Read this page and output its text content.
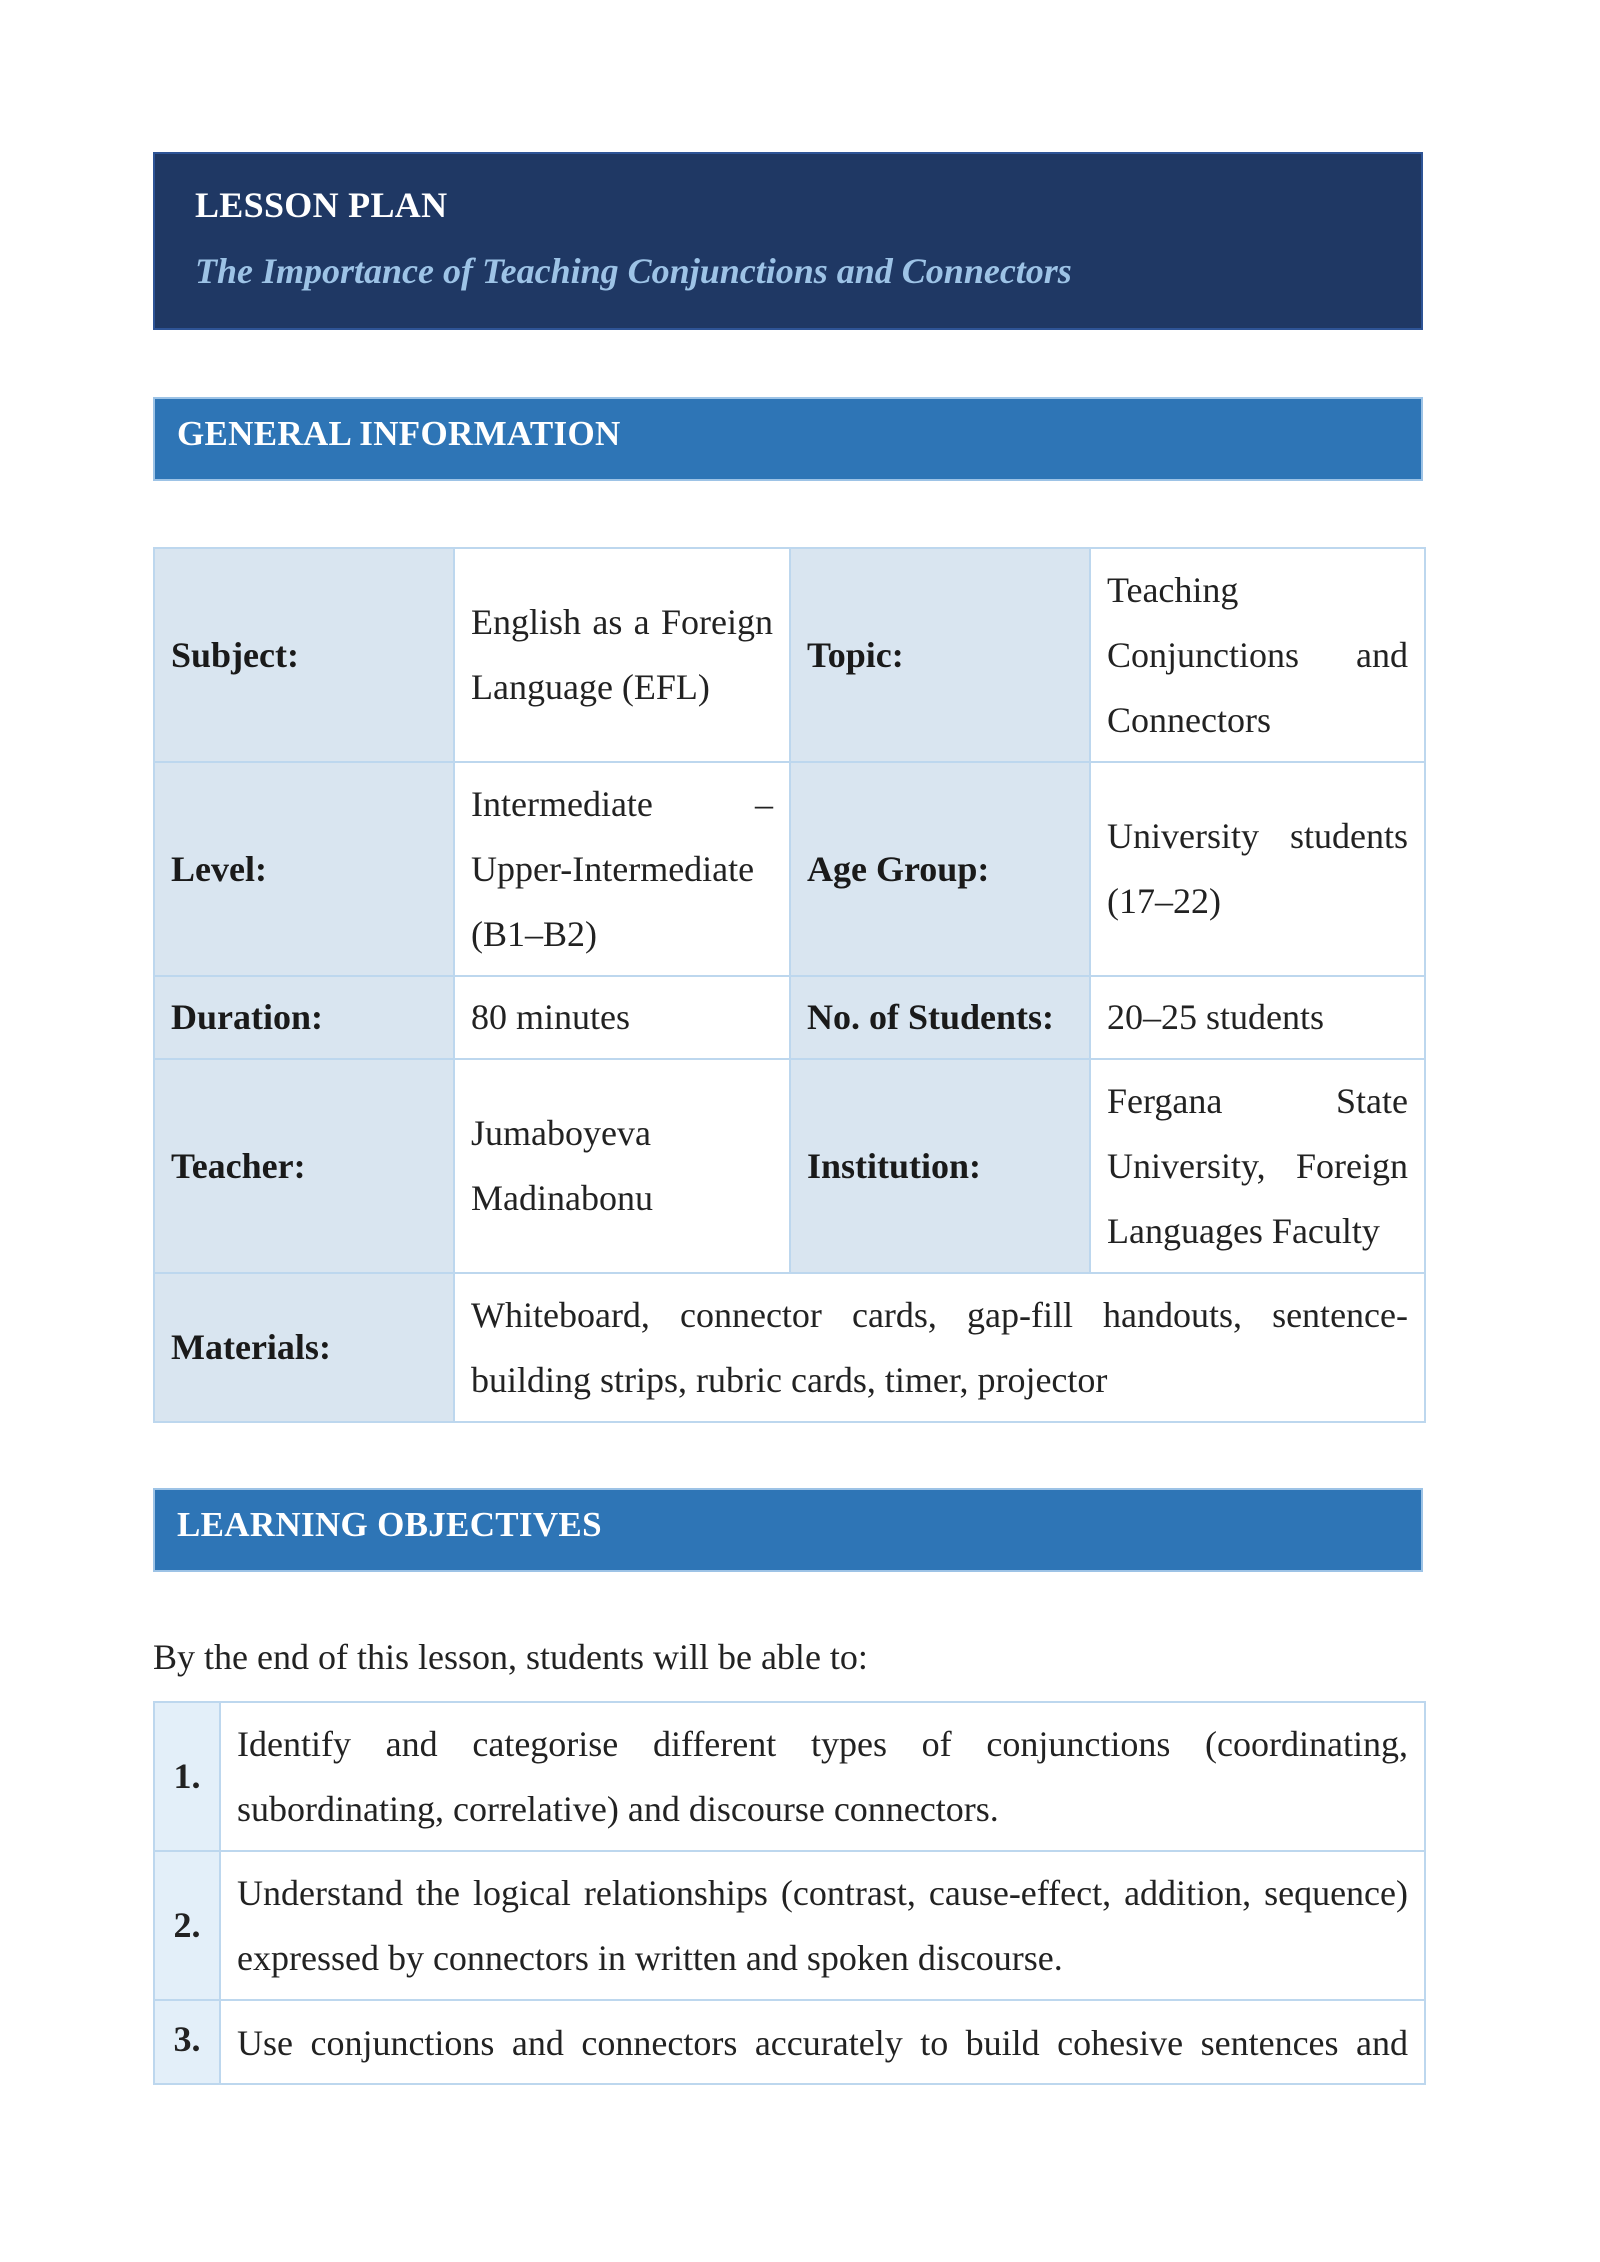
LESSON PLAN
The Importance of Teaching Conjunctions and Connectors
GENERAL INFORMATION
Subject:	English as a Foreign Language (EFL)	Topic:	Teaching Conjunctions and Connectors
Level:	Intermediate – Upper-Intermediate (B1–B2)	Age Group:	University students (17–22)
Duration:	80 minutes	No. of Students:	20–25 students
Teacher:	Jumaboyeva Madinabonu	Institution:	Fergana State University, Foreign Languages Faculty
Materials:	Whiteboard, connector cards, gap-fill handouts, sentence-building strips, rubric cards, timer, projector		
LEARNING OBJECTIVES
By the end of this lesson, students will be able to:
1.	Identify and categorise different types of conjunctions (coordinating, subordinating, correlative) and discourse connectors.
2.	Understand the logical relationships (contrast, cause-effect, addition, sequence) expressed by connectors in written and spoken discourse.
3.	Use conjunctions and connectors accurately to build cohesive sentences and
